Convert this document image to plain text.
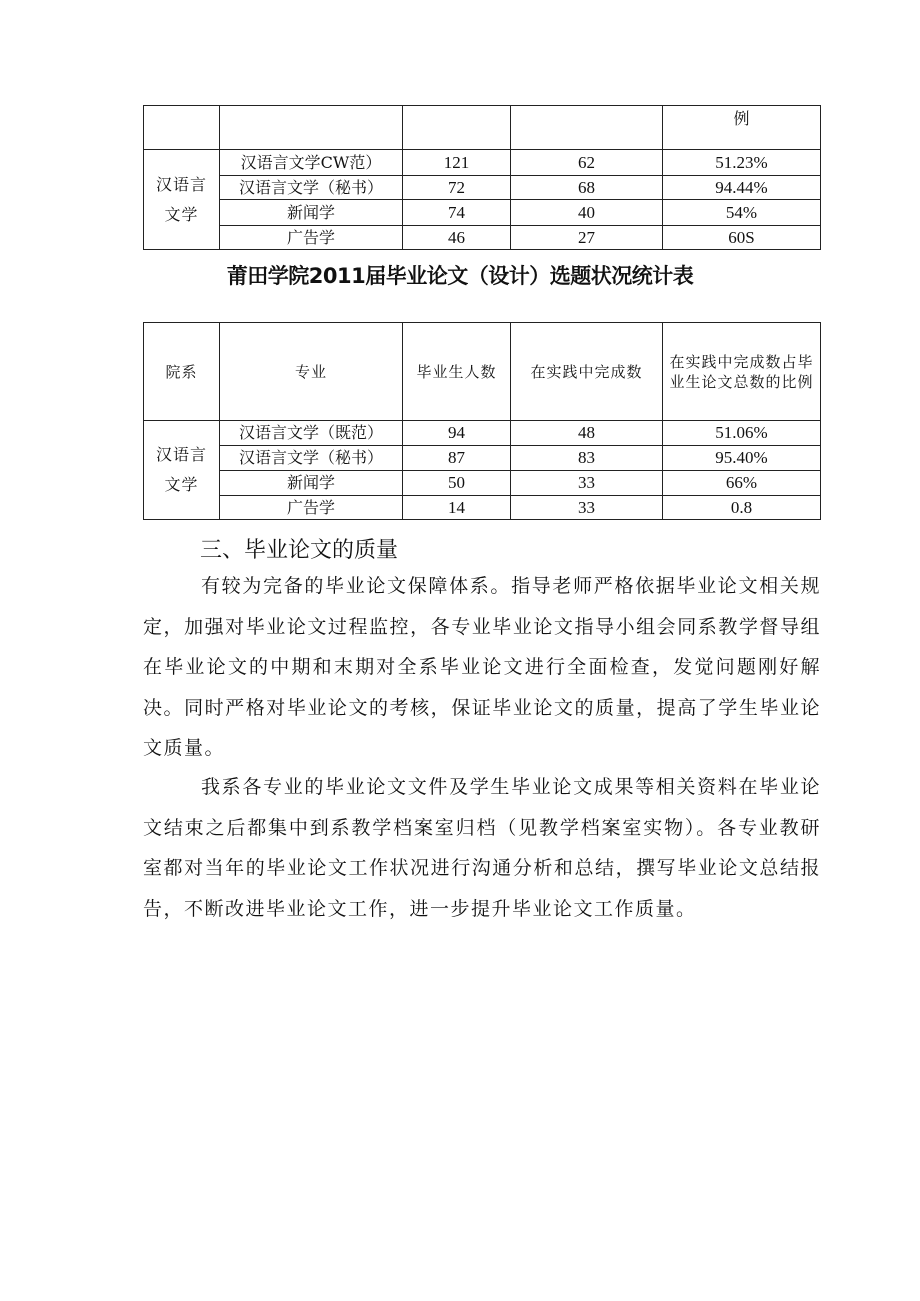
				例
汉语言文学	汉语言文学CW范）	121	62	51.23%
	汉语言文学（秘书）	72	68	94.44%
	新闻学	74	40	54%
	广告学	46	27	60S
莆田学院2011届毕业论文（设计）选题状况统计表
院系	专业	毕业生人数	在实践中完成数	在实践中完成数占毕业生论文总数的比例
汉语言文学	汉语言文学（既范）	94	48	51.06%
	汉语言文学（秘书）	87	83	95.40%
	新闻学	50	33	66%
	广告学	14	33	0.8
三、毕业论文的质量

有较为完备的毕业论文保障体系。指导老师严格依据毕业论文相关规定，加强对毕业论文过程监控，各专业毕业论文指导小组会同系教学督导组在毕业论文的中期和末期对全系毕业论文进行全面检查，发觉问题刚好解决。同时严格对毕业论文的考核，保证毕业论文的质量，提高了学生毕业论文质量。

我系各专业的毕业论文文件及学生毕业论文成果等相关资料在毕业论文结束之后都集中到系教学档案室归档（见教学档案室实物）。各专业教研室都对当年的毕业论文工作状况进行沟通分析和总结，撰写毕业论文总结报告，不断改进毕业论文工作，进一步提升毕业论文工作质量。
